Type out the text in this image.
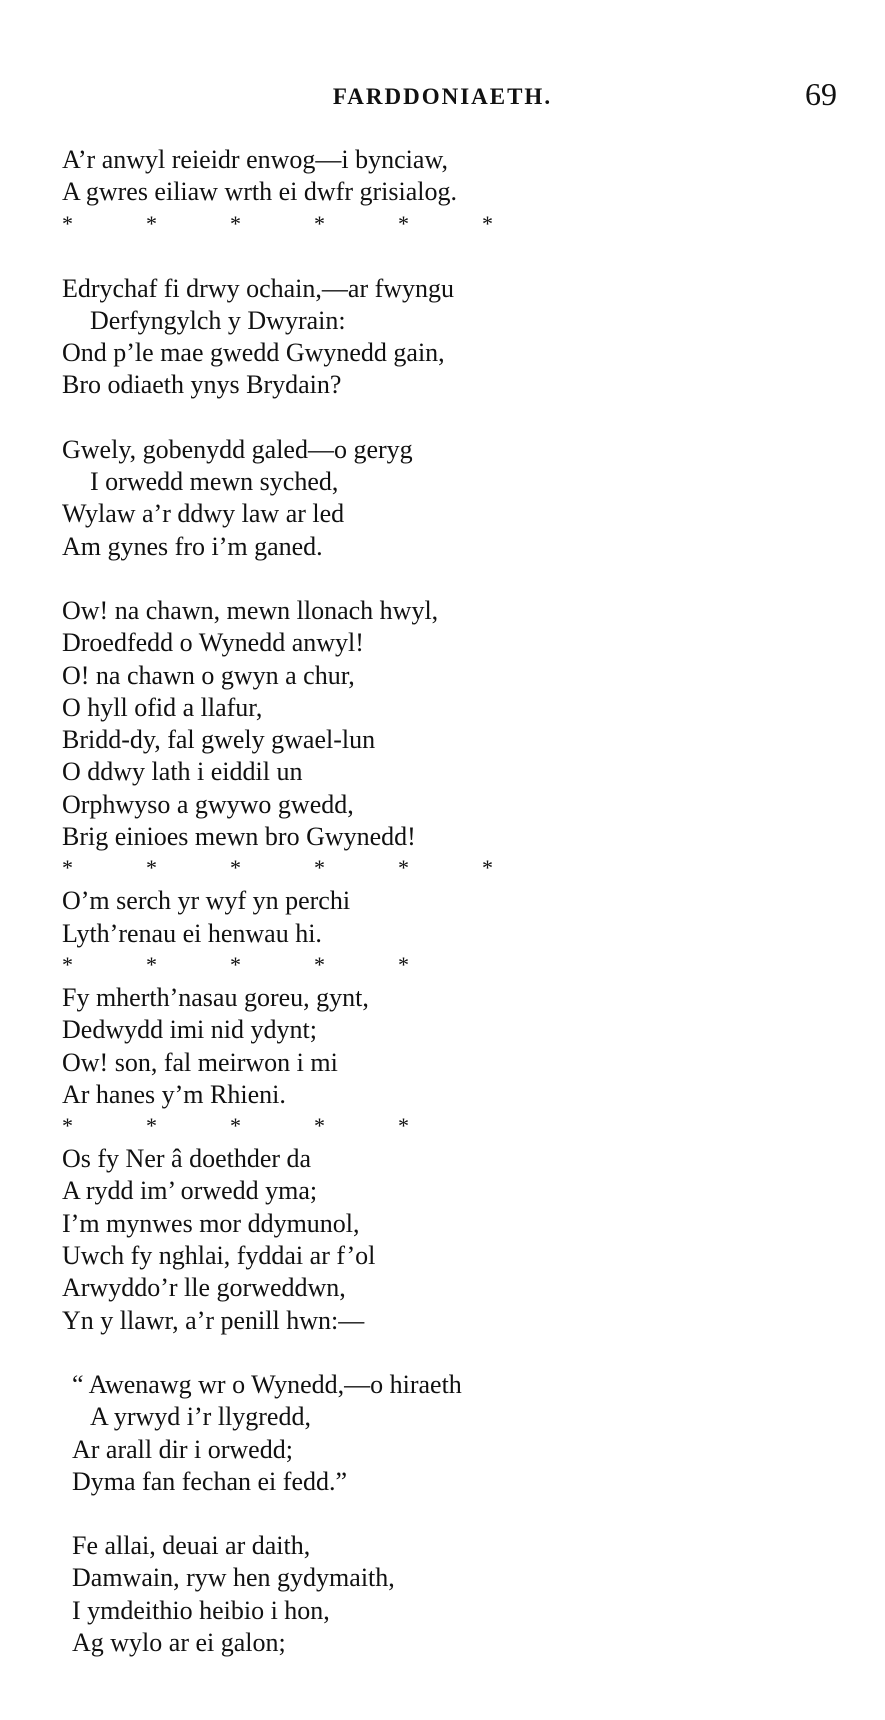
FARDDONIAETH.	69
A’r anwyl reieidr enwog—i bynciaw,
A gwres eiliaw wrth ei dwfr grisialog.
*	*	*	*	*	*
Edrychaf fi drwy ochain,—ar fwyngu
Derfyngylch y Dwyrain:
Ond p’le mae gwedd Gwynedd gain,
Bro odiaeth ynys Brydain?
Gwely, gobenydd galed—o geryg
I orwedd mewn syched,
Wylaw a’r ddwy law ar led
Am gynes fro i’m ganed.
Ow! na chawn, mewn llonach hwyl,
Droedfedd o Wynedd anwyl!
O! na chawn o gwyn a chur,
O hyll ofid a llafur,
Bridd-dy, fal gwely gwael-lun
O ddwy lath i eiddil un
Orphwyso a gwywo gwedd,
Brig einioes mewn bro Gwynedd!
*	*	*	*	*	*
O’m serch yr wyf yn perchi
Lyth’renau ei henwau hi.
*	*	*	*	*
Fy mherth’nasau goreu, gynt,
Dedwydd imi nid ydynt;
Ow! son, fal meirwon i mi
Ar hanes y’m Rhieni.
*	*	*	*	*
Os fy Ner â doethder da
A rydd im’ orwedd yma;
I’m mynwes mor ddymunol,
Uwch fy nghlai, fyddai ar f’ol
Arwyddo’r lle gorweddwn,
Yn y llawr, a’r penill hwn:—
“ Awenawg wr o Wynedd,—o hiraeth
A yrwyd i’r llygredd,
Ar arall dir i orwedd;
Dyma fan fechan ei fedd.”
Fe allai, deuai ar daith,
Damwain, ryw hen gydymaith,
I ymdeithio heibio i hon,
Ag wylo ar ei galon;
